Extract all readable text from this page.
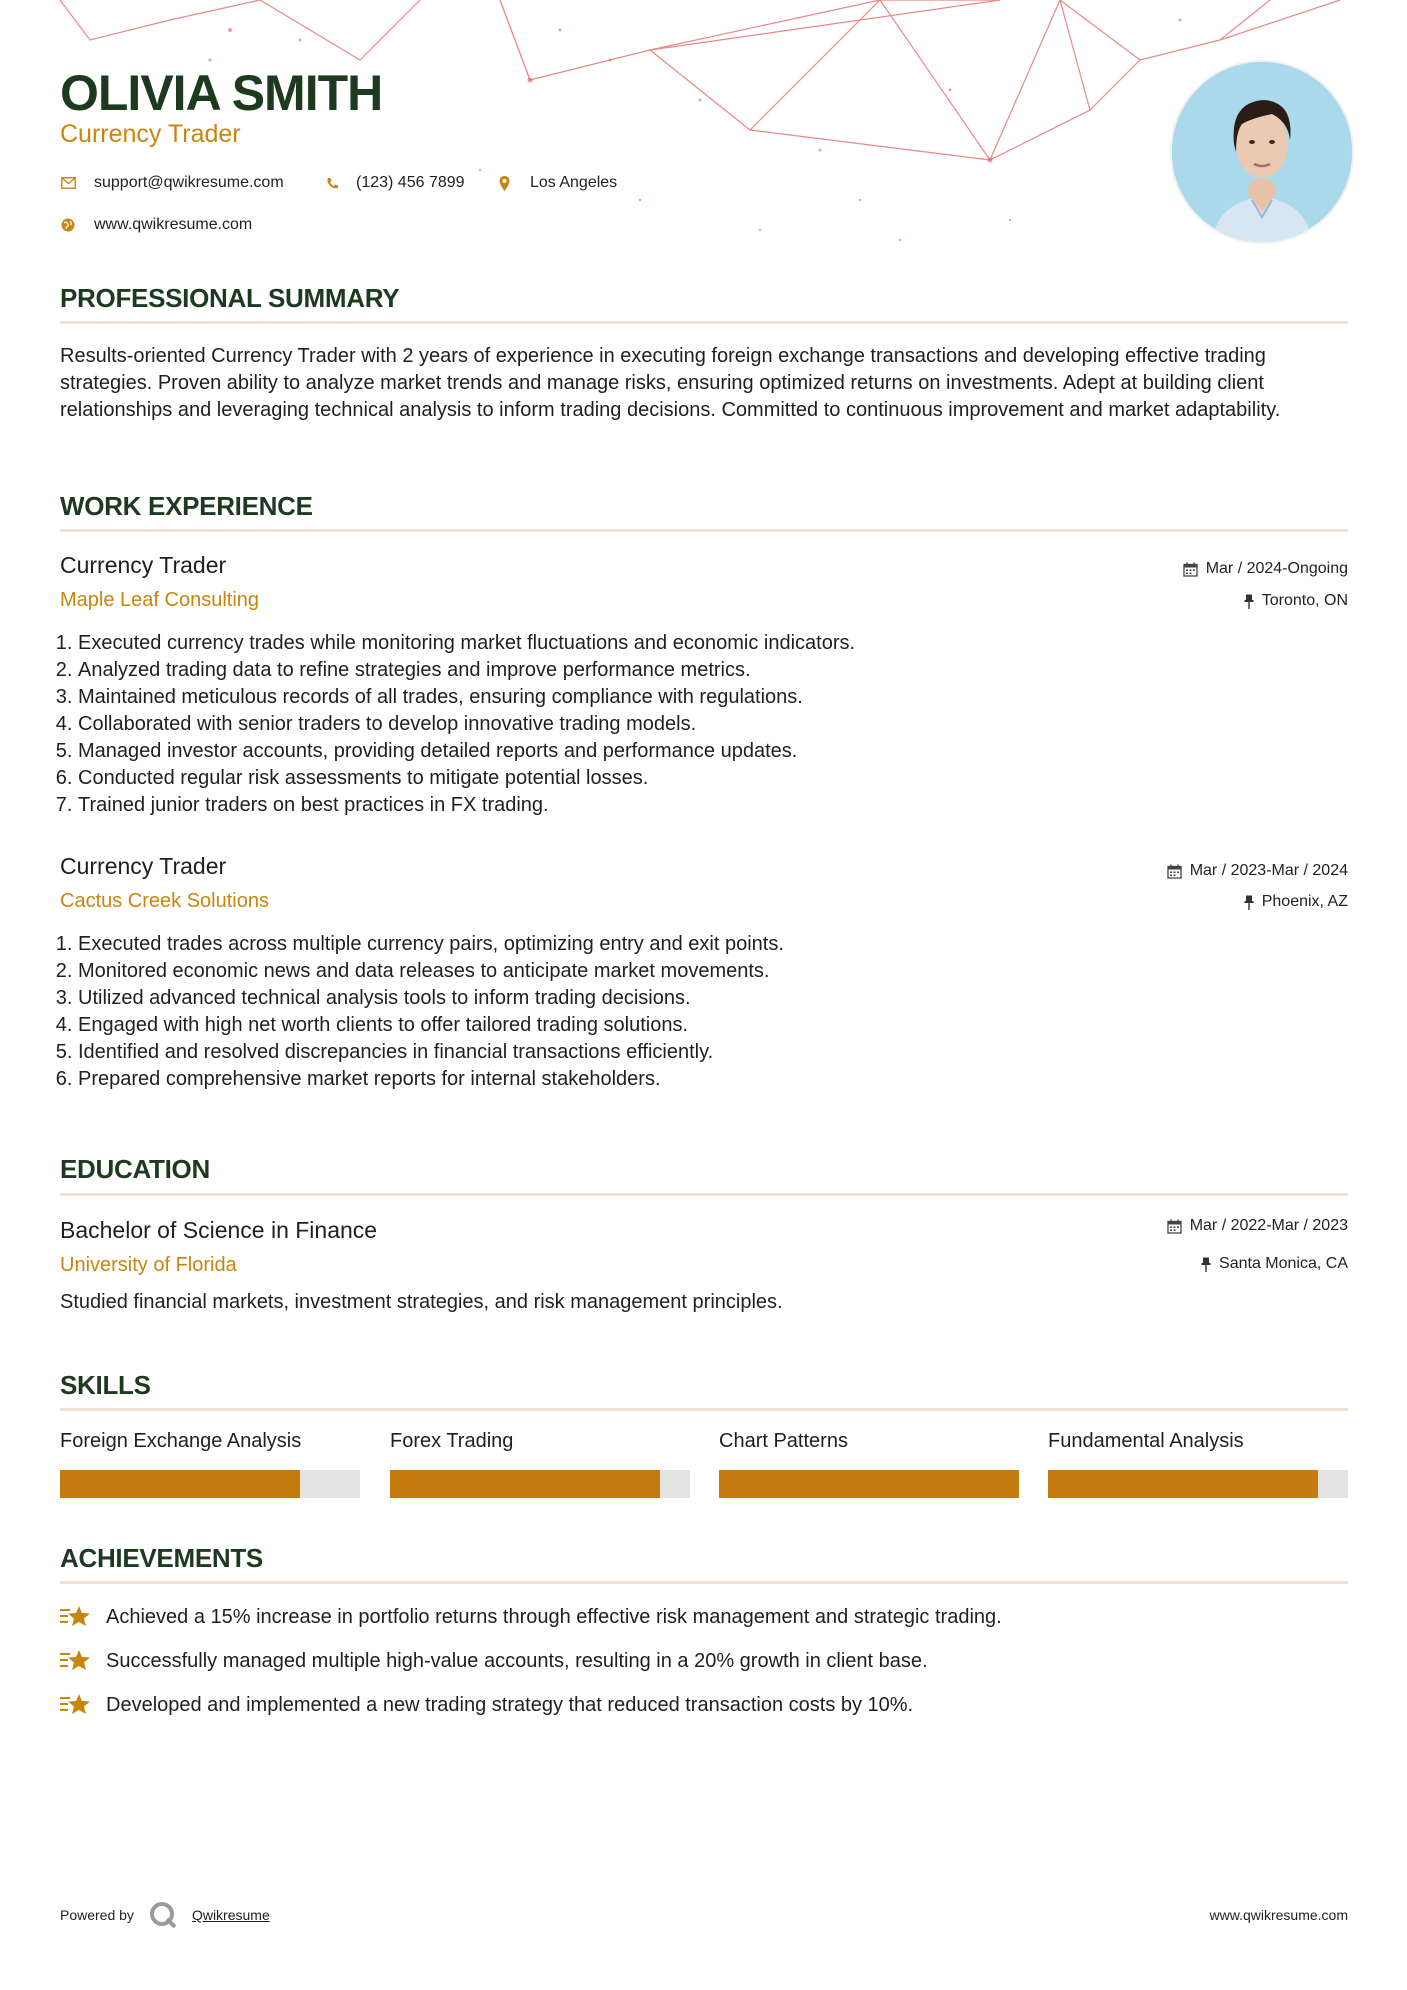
OLIVIA SMITH
Currency Trader
support@qwikresume.com	(123) 456 7899	Los Angeles
www.qwikresume.com
PROFESSIONAL SUMMARY
Results-oriented Currency Trader with 2 years of experience in executing foreign exchange transactions and developing effective trading strategies. Proven ability to analyze market trends and manage risks, ensuring optimized returns on investments. Adept at building client relationships and leveraging technical analysis to inform trading decisions. Committed to continuous improvement and market adaptability.
WORK EXPERIENCE
Currency Trader
Maple Leaf Consulting
Mar / 2024-Ongoing
Toronto, ON
1. Executed currency trades while monitoring market fluctuations and economic indicators.
2. Analyzed trading data to refine strategies and improve performance metrics.
3. Maintained meticulous records of all trades, ensuring compliance with regulations.
4. Collaborated with senior traders to develop innovative trading models.
5. Managed investor accounts, providing detailed reports and performance updates.
6. Conducted regular risk assessments to mitigate potential losses.
7. Trained junior traders on best practices in FX trading.
Currency Trader
Cactus Creek Solutions
Mar / 2023-Mar / 2024
Phoenix, AZ
1. Executed trades across multiple currency pairs, optimizing entry and exit points.
2. Monitored economic news and data releases to anticipate market movements.
3. Utilized advanced technical analysis tools to inform trading decisions.
4. Engaged with high net worth clients to offer tailored trading solutions.
5. Identified and resolved discrepancies in financial transactions efficiently.
6. Prepared comprehensive market reports for internal stakeholders.
EDUCATION
Bachelor of Science in Finance
University of Florida
Mar / 2022-Mar / 2023
Santa Monica, CA
Studied financial markets, investment strategies, and risk management principles.
SKILLS
Foreign Exchange Analysis	Forex Trading	Chart Patterns	Fundamental Analysis
ACHIEVEMENTS
Achieved a 15% increase in portfolio returns through effective risk management and strategic trading.
Successfully managed multiple high-value accounts, resulting in a 20% growth in client base.
Developed and implemented a new trading strategy that reduced transaction costs by 10%.
Powered by	Qwikresume	www.qwikresume.com
